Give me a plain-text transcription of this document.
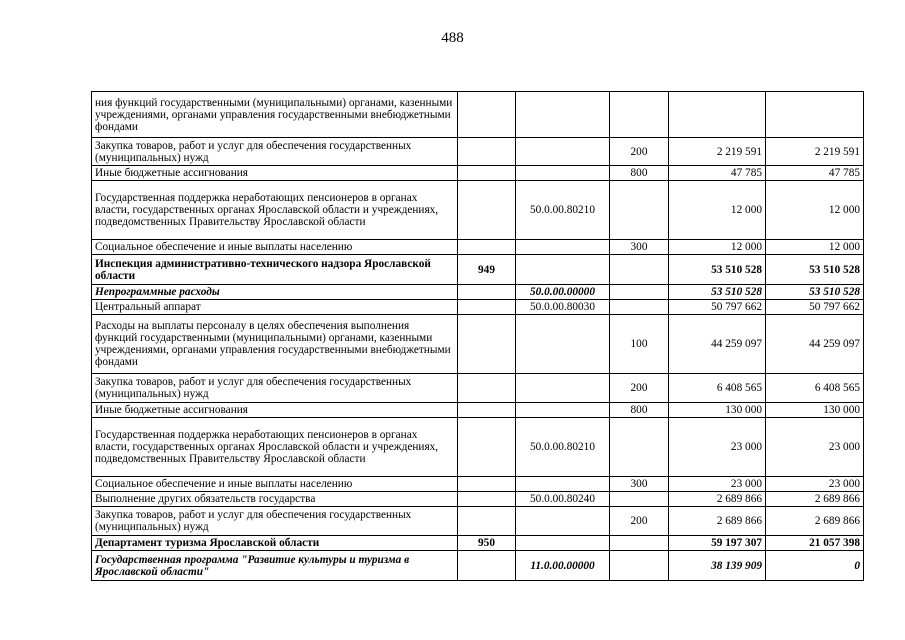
488
ния функций государственными (муниципальными) органами, казенными учреждениями, органами управления государственными внебюджетными фондами					
Закупка товаров, работ и услуг для обеспечения государственных (муниципальных) нужд			200	2 219 591	2 219 591
Иные бюджетные ассигнования			800	47 785	47 785
Государственная поддержка неработающих пенсионеров в органах власти, государственных органах Ярославской области и учреждениях, подведомственных Правительству Ярославской области		50.0.00.80210		12 000	12 000
Социальное обеспечение и иные выплаты населению			300	12 000	12 000
Инспекция административно-технического надзора Ярославской области	949			53 510 528	53 510 528
Непрограммные расходы		50.0.00.00000		53 510 528	53 510 528
Центральный аппарат		50.0.00.80030		50 797 662	50 797 662
Расходы на выплаты персоналу в целях обеспечения выполнения функций государственными (муниципальными) органами, казенными учреждениями, органами управления государственными внебюджетными фондами			100	44 259 097	44 259 097
Закупка товаров, работ и услуг для обеспечения государственных (муниципальных) нужд			200	6 408 565	6 408 565
Иные бюджетные ассигнования			800	130 000	130 000
Государственная поддержка неработающих пенсионеров в органах власти, государственных органах Ярославской области и учреждениях, подведомственных Правительству Ярославской области		50.0.00.80210		23 000	23 000
Социальное обеспечение и иные выплаты населению			300	23 000	23 000
Выполнение других обязательств государства		50.0.00.80240		2 689 866	2 689 866
Закупка товаров, работ и услуг для обеспечения государственных (муниципальных) нужд			200	2 689 866	2 689 866
Департамент туризма Ярославской области	950			59 197 307	21 057 398
Государственная программа "Развитие культуры и туризма в Ярославской области"		11.0.00.00000		38 139 909	0
